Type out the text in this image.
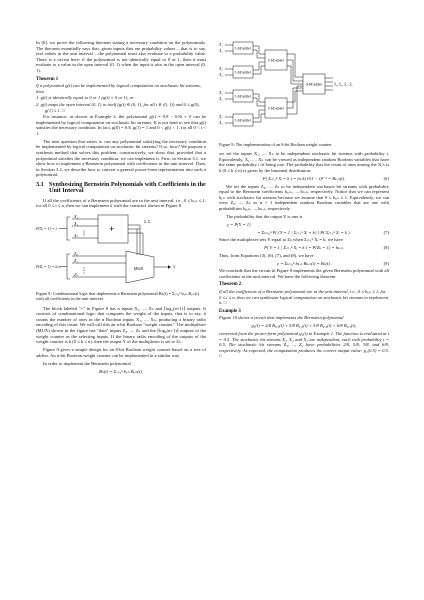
In [6], we prove the following theorem stating a necessary condition on the polynomials. The theorem essentially says that, given inputs that are probability values – that is to say, real values in the unit interval – the polynomial must also evaluate to a probability value. There is a caveat here: if the polynomial is not identically equal to 0 or 1, then it must evaluate to a value in the open interval (0, 1) when the input is also in the open interval (0, 1).

Theorem 1
If a polynomial g(t) can be implemented by logical computation on stochastic bit streams, then
1. g(t) is identically equal to 0 or 1 (g(t) ≡ 0 or 1), or
2. g(t) maps the open interval (0, 1) to itself (g(t) ∈ (0, 1), for all t ∈ (0, 1)) and 0 ≤ g(0), g(1) ≤ 1. □

For instance, as shown in Example 2, the polynomial g(t) = 0.8 − 0.8t + t² can be implemented by logical computation on stochastic bit streams. It is not hard to see that g(t) satisfies the necessary condition. In fact, g(0) = 0.8, g(1) = 1 and 0 < g(t) < 1, for all 0 < t < 1.

The next question that arises is: can any polynomial satisfying the necessary condition be implemented by logical computation on stochastic bit streams? If so, how? We propose a synthesis method that solves this problem; constructively, we show that, provided that a polynomial satisfies the necessary condition, we can implement it. First, in Section 3.1, we show how to implement a Bernstein polynomial with coefficients in the unit interval. Then, in Section 3.2, we describe how to convert a general power-form representation into such a polynomial.

3.1 Synthesizing Bernstein Polynomials with Coefficients in the Unit Interval

If all the coefficients of a Bernstein polynomial are in the unit interval, i.e., 0 ≤ bᵢ,ₙ ≤ 1, for all 0 ≤ i ≤ n, then we can implement it with the construct shown in Figure 8.

X₁
X₂
Xₙ
Z₀
Z₁
Zₙ
P(Xᵢ = 1) = t
P(Zᵢ = 1) = bᵢ,ₙ
Σᵢ Xᵢ
Y
+
MUX
Figure 8: Combinational logic that implements a Bernstein polynomial Bₙ(t) = Σᵢ₌₀ⁿ bᵢ,ₙ Bᵢ,ₙ(t) with all coefficients in the unit interval.

The block labeled "+" in Figure 8 has n inputs X₁, ..., Xₙ and ⌈log₂(n+1)⌉ outputs. It consists of combinational logic that computes the weight of the inputs, that is to say, it counts the number of ones in the n Boolean inputs X₁, ..., Xₙ, producing a binary radix encoding of this count. We will call this an n-bit Boolean "weight counter." The multiplexer (MUX) shown in the figure has "data" inputs Z₀, ..., Zₙ and the ⌈log₂(n+1)⌉ outputs of the weight counter as the selecting inputs. If the binary radix encoding of the outputs of the weight counter is k (0 ≤ k ≤ n), then the output Y of the multiplexer is set to Zₖ.

Figure 9 gives a simple design for an 8-bit Boolean weight counter based on a tree of adders. An n-bit Boolean weight counter can be implemented in a similar way.

In order to implement the Bernstein polynomial

Bₙ(t) = Σᵢ₌₀ⁿ bᵢ,ₙ Bᵢ,ₙ(t),
X₁
X₂
X₃
X₄
X₅
X₆
X₇
X₈
S₃, S₂, S₁, S₀
1-bit adder
1-bit adder
1-bit adder
1-bit adder
2-bit adder
2-bit adder
3-bit adder
Figure 9: The implementation of an 8-bit Boolean weight counter.

we set the inputs X₁, ..., Xₙ to be independent stochastic bit streams with probability t. Equivalently, X₁, ..., Xₙ can be viewed as independent random Boolean variables that have the same probability t of being one. The probability that the count of ones among the Xᵢ's is k (0 ≤ k ≤ n) is given by the binomial distribution:

P( Σᵢ₌₁ⁿ Xᵢ = k ) = (n k) tᵏ(1 − t)ⁿ⁻ᵏ = Bₖ,ₙ(t).	(6)

We set the inputs Z₀, ..., Zₙ to be independent stochastic bit streams with probability equal to the Bernstein coefficients b₀,ₙ, ..., bₙ,ₙ, respectively. Notice that we can represent bᵢ,ₙ with stochastic bit streams because we assume that 0 ≤ bᵢ,ₙ ≤ 1. Equivalently, we can view Z₀, ..., Zₙ as n + 1 independent random Boolean variables that are one with probabilities b₀,ₙ, ..., bₙ,ₙ, respectively.

The probability that the output Y is one is

y = P(Y = 1)
= Σₖ₌₀ⁿ P( {Y = 1 | Σᵢ₌₁ⁿ Xᵢ = k} ) P( Σᵢ₌₁ⁿ Xᵢ = k ).	(7)

Since the multiplexer sets Y equal to Zₖ when Σᵢ₌₁ⁿ Xᵢ = k, we have

P( Y = 1 | Σᵢ₌₁ⁿ Xᵢ = k ) = P(Zₖ = 1) = bₖ,ₙ.	(8)

Thus, from Equations (3), (6), (7), and (8), we have

y = Σₖ₌₀ⁿ bₖ,ₙ Bₖ,ₙ(t) = Bₙ(t).	(9)

We conclude that the circuit in Figure 8 implements the given Bernstein polynomial with all coefficients in the unit interval. We have the following theorem.

Theorem 2
If all the coefficients of a Bernstein polynomial are in the unit interval, i.e., 0 ≤ bᵢ,ₙ ≤ 1, for 0 ≤ i ≤ n, then we can synthesize logical computation on stochastic bit streams to implement it. □
Example 3

Figure 10 shows a circuit that implements the Bernstein polynomial

g₁(t) = 2/8 B₀,₃(t) + 5/8 B₁,₃(t) + 3/8 B₂,₃(t) + 6/8 B₃,₃(t),

converted from the power-form polynomial g₁(t) in Example 1. The function is evaluated at t = 0.5. The stochastic bit streams X₁, X₂ and X₃ are independent, each with probability t = 0.5. The stochastic bit streams Z₀, ..., Z₃ have probabilities 2/8, 5/8, 3/8, and 6/8, respectively. As expected, the computation produces the correct output value: g₁(0.5) = 0.5. □
